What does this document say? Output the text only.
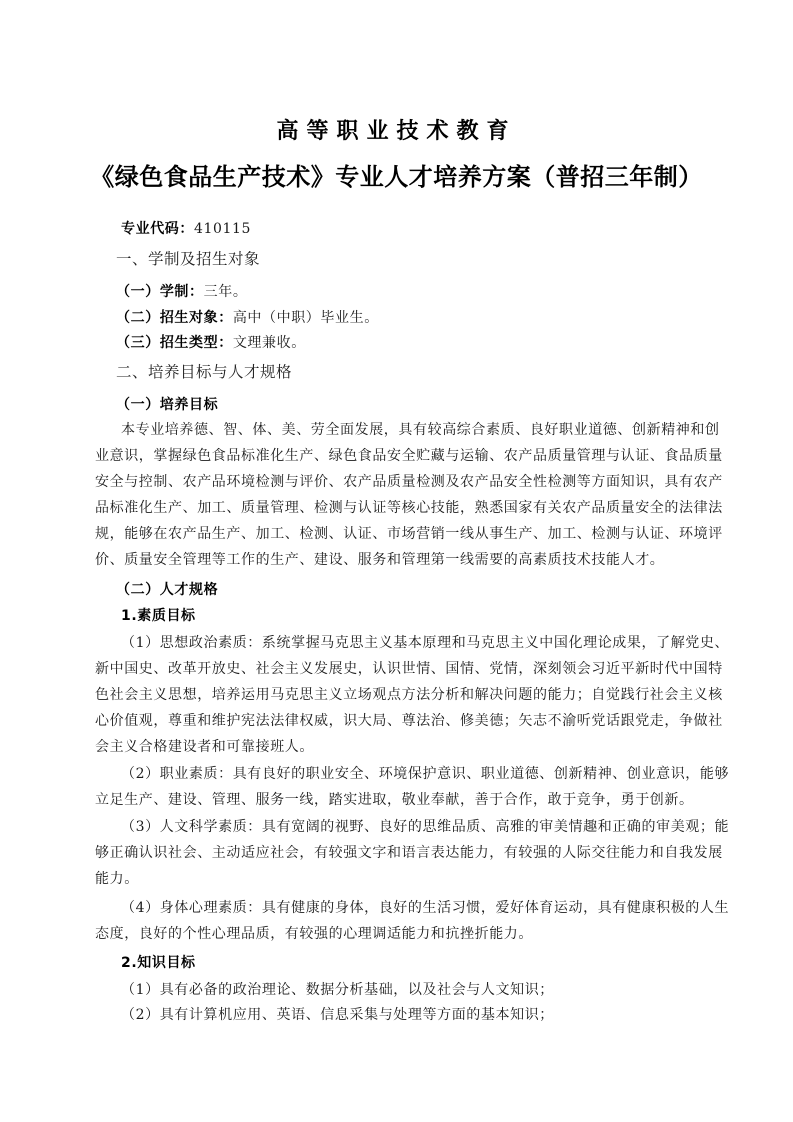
高等职业技术教育
《绿色食品生产技术》专业人才培养方案（普招三年制）
专业代码：410115
一、学制及招生对象
（一）学制：三年。
（二）招生对象：高中（中职）毕业生。
（三）招生类型：文理兼收。
二、培养目标与人才规格
（一）培养目标
本专业培养德、智、体、美、劳全面发展，具有较高综合素质、良好职业道德、创新精神和创
业意识，掌握绿色食品标准化生产、绿色食品安全贮藏与运输、农产品质量管理与认证、食品质量
安全与控制、农产品环境检测与评价、农产品质量检测及农产品安全性检测等方面知识，具有农产
品标准化生产、加工、质量管理、检测与认证等核心技能，熟悉国家有关农产品质量安全的法律法
规，能够在农产品生产、加工、检测、认证、市场营销一线从事生产、加工、检测与认证、环境评
价、质量安全管理等工作的生产、建设、服务和管理第一线需要的高素质技术技能人才。
（二）人才规格
1.素质目标
（1）思想政治素质：系统掌握马克思主义基本原理和马克思主义中国化理论成果，了解党史、
新中国史、改革开放史、社会主义发展史，认识世情、国情、党情，深刻领会习近平新时代中国特
色社会主义思想，培养运用马克思主义立场观点方法分析和解决问题的能力；自觉践行社会主义核
心价值观，尊重和维护宪法法律权威，识大局、尊法治、修美德；矢志不渝听党话跟党走，争做社
会主义合格建设者和可靠接班人。
（2）职业素质：具有良好的职业安全、环境保护意识、职业道德、创新精神、创业意识，能够
立足生产、建设、管理、服务一线，踏实进取，敬业奉献，善于合作，敢于竞争，勇于创新。
（3）人文科学素质：具有宽阔的视野、良好的思维品质、高雅的审美情趣和正确的审美观；能
够正确认识社会、主动适应社会，有较强文字和语言表达能力，有较强的人际交往能力和自我发展
能力。
（4）身体心理素质：具有健康的身体，良好的生活习惯，爱好体育运动，具有健康积极的人生
态度，良好的个性心理品质，有较强的心理调适能力和抗挫折能力。
2.知识目标
（1）具有必备的政治理论、数据分析基础，以及社会与人文知识；
（2）具有计算机应用、英语、信息采集与处理等方面的基本知识；
